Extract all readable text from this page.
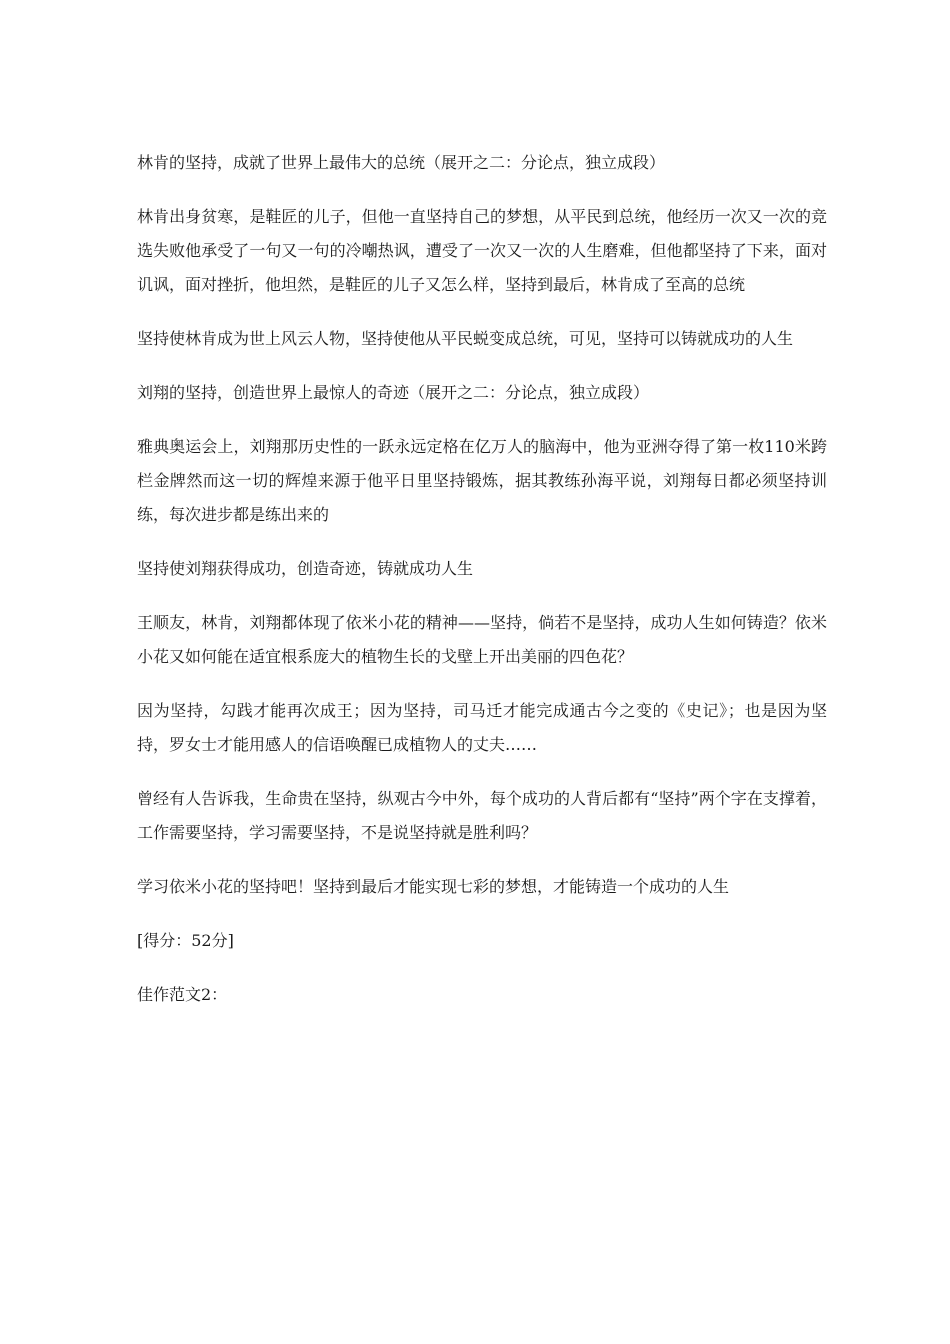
林肯的坚持，成就了世界上最伟大的总统（展开之二：分论点，独立成段）

林肯出身贫寒，是鞋匠的儿子，但他一直坚持自己的梦想，从平民到总统，他经历一次又一次的竞选失败他承受了一句又一句的冷嘲热讽，遭受了一次又一次的人生磨难，但他都坚持了下来，面对讥讽，面对挫折，他坦然，是鞋匠的儿子又怎么样，坚持到最后，林肯成了至高的总统

坚持使林肯成为世上风云人物，坚持使他从平民蜕变成总统，可见，坚持可以铸就成功的人生

刘翔的坚持，创造世界上最惊人的奇迹（展开之二：分论点，独立成段）

雅典奥运会上，刘翔那历史性的一跃永远定格在亿万人的脑海中，他为亚洲夺得了第一枚110米跨栏金牌然而这一切的辉煌来源于他平日里坚持锻炼，据其教练孙海平说，刘翔每日都必须坚持训练，每次进步都是练出来的

坚持使刘翔获得成功，创造奇迹，铸就成功人生

王顺友，林肯，刘翔都体现了依米小花的精神——坚持，倘若不是坚持，成功人生如何铸造？依米小花又如何能在适宜根系庞大的植物生长的戈壁上开出美丽的四色花？

因为坚持，勾践才能再次成王；因为坚持，司马迁才能完成通古今之变的《史记》；也是因为坚持，罗女士才能用感人的信语唤醒已成植物人的丈夫……

曾经有人告诉我，生命贵在坚持，纵观古今中外，每个成功的人背后都有“坚持”两个字在支撑着，工作需要坚持，学习需要坚持，不是说坚持就是胜利吗？

学习依米小花的坚持吧！坚持到最后才能实现七彩的梦想，才能铸造一个成功的人生

[得分：52分]

佳作范文2：
